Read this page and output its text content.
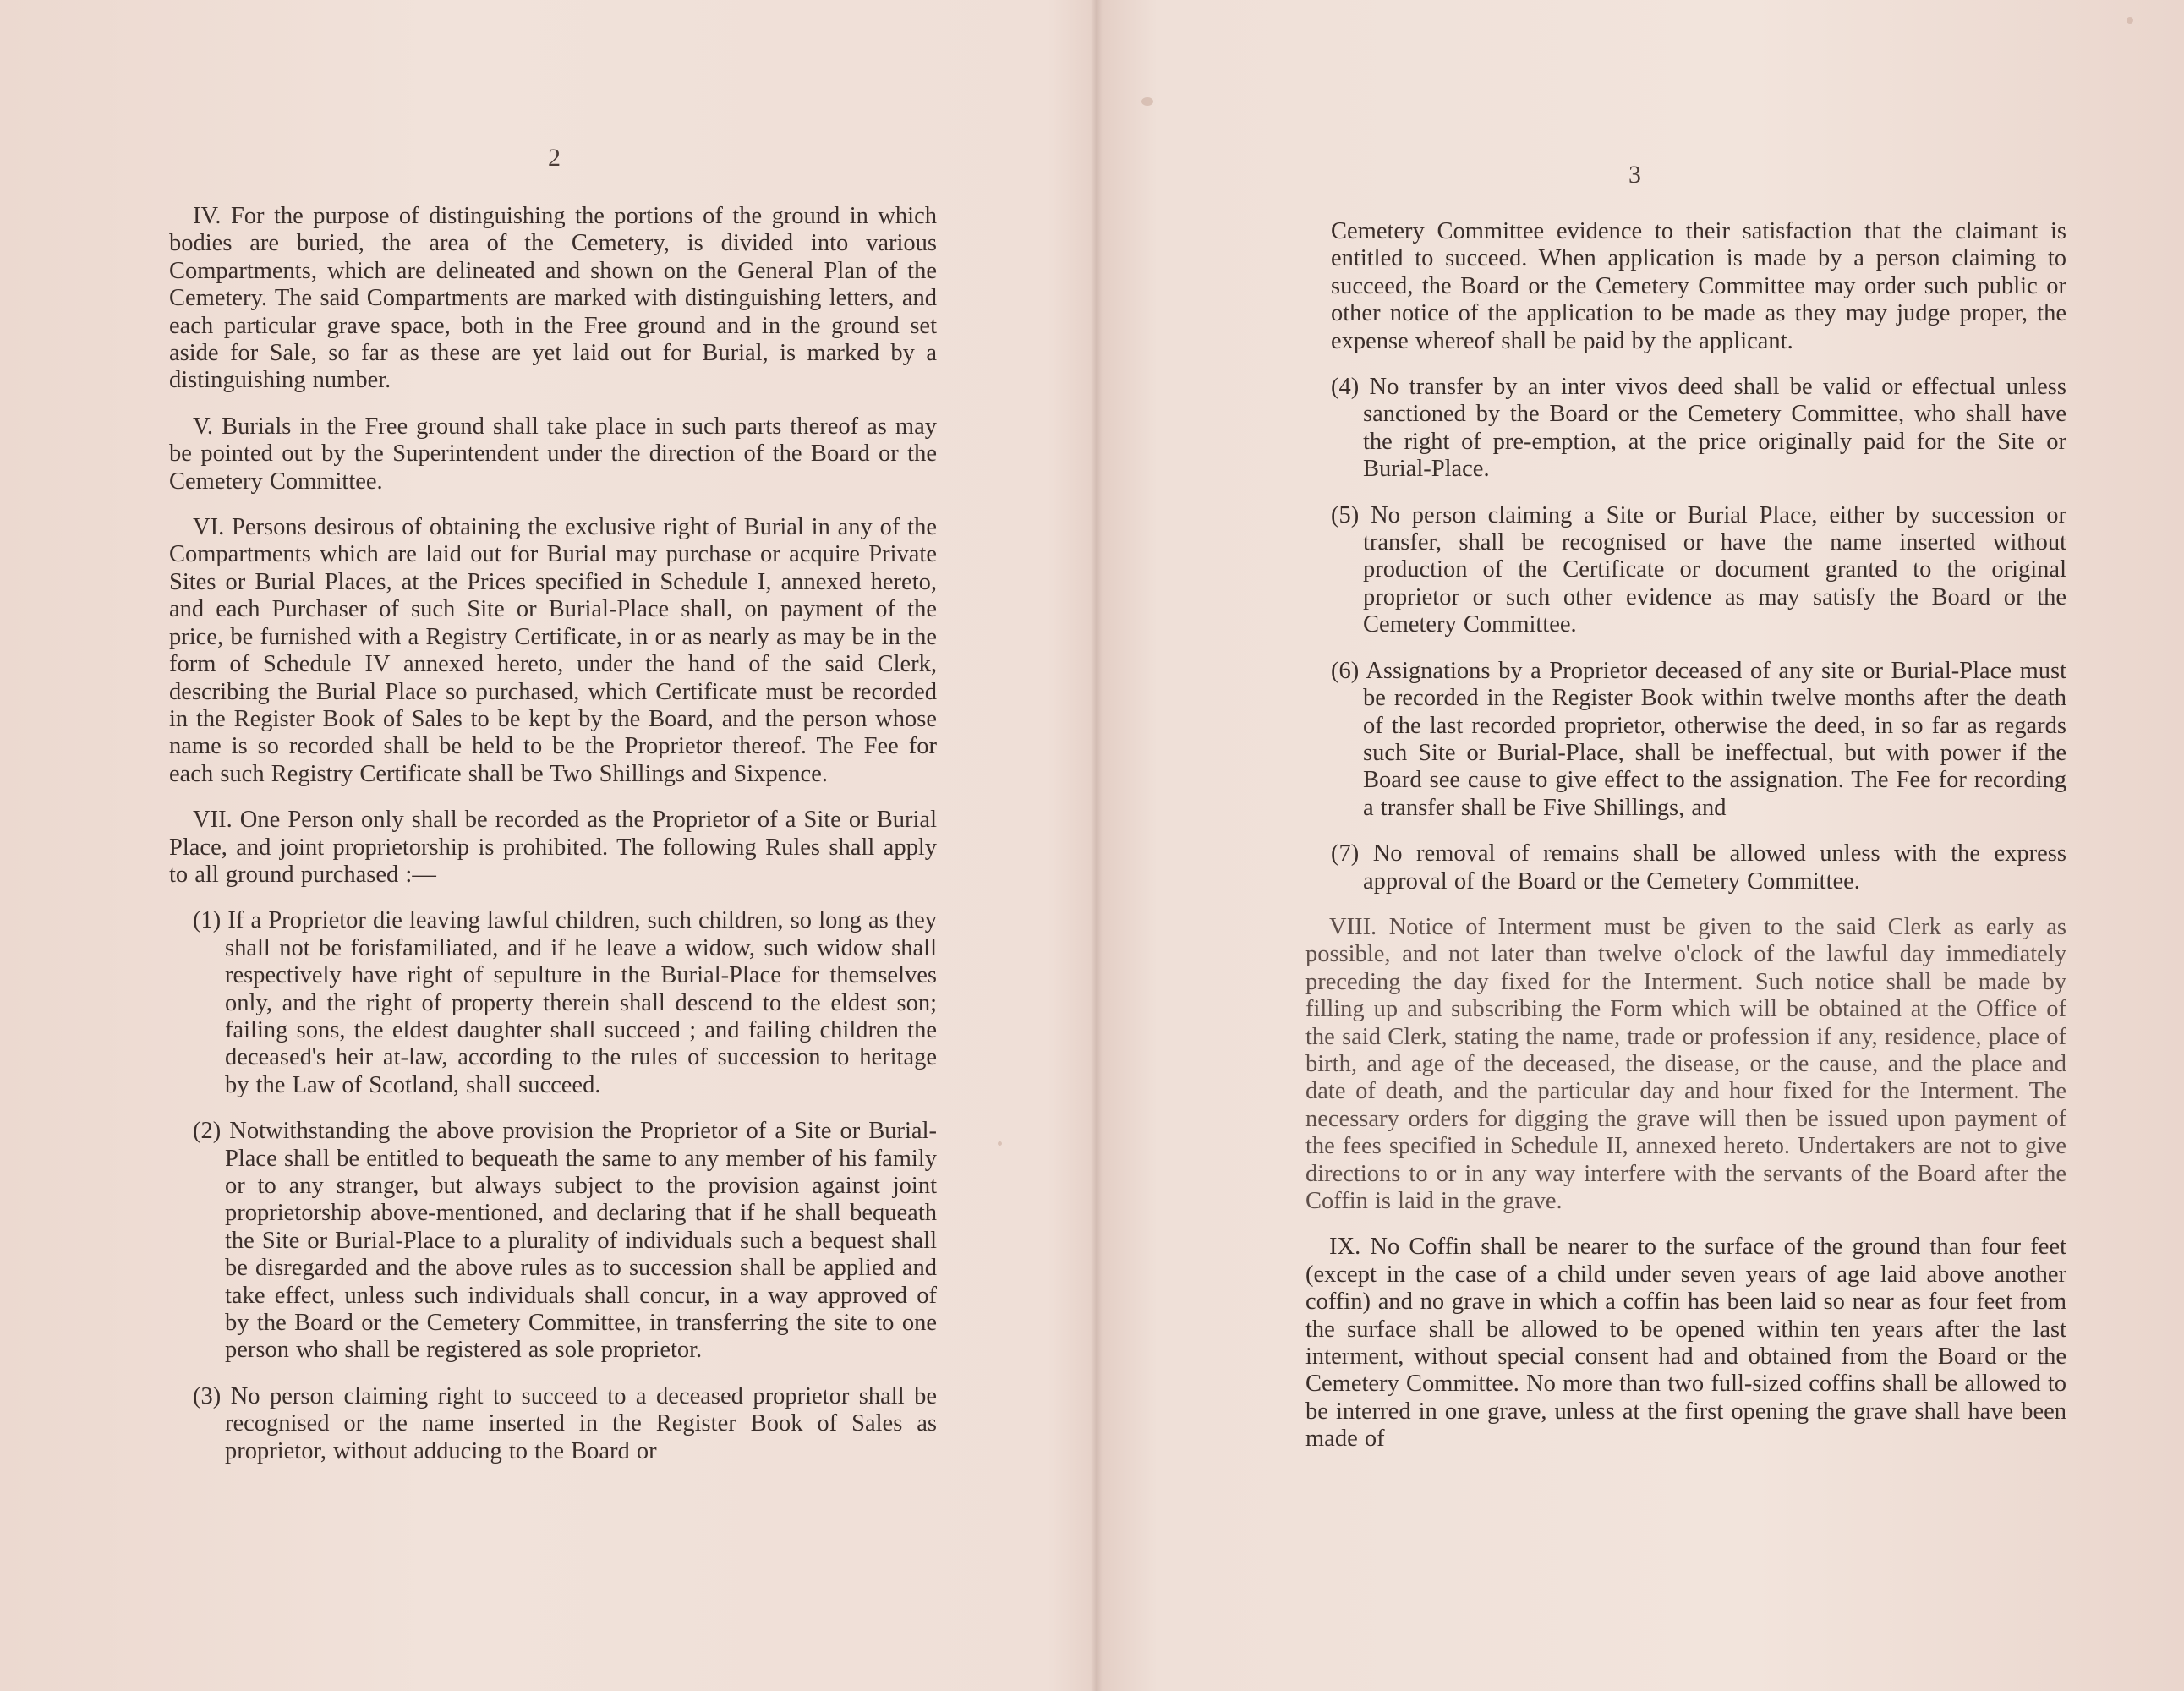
2

IV. For the purpose of distinguishing the portions of the ground in which bodies are buried, the area of the Cemetery, is divided into various Compartments, which are delineated and shown on the General Plan of the Cemetery. The said Compartments are marked with distinguishing letters, and each particular grave space, both in the Free ground and in the ground set aside for Sale, so far as these are yet laid out for Burial, is marked by a distinguishing number.

V. Burials in the Free ground shall take place in such parts thereof as may be pointed out by the Superintendent under the direction of the Board or the Cemetery Committee.

VI. Persons desirous of obtaining the exclusive right of Burial in any of the Compartments which are laid out for Burial may purchase or acquire Private Sites or Burial Places, at the Prices specified in Schedule I, annexed hereto, and each Purchaser of such Site or Burial-Place shall, on payment of the price, be furnished with a Registry Certificate, in or as nearly as may be in the form of Schedule IV annexed hereto, under the hand of the said Clerk, describing the Burial Place so purchased, which Certificate must be recorded in the Register Book of Sales to be kept by the Board, and the person whose name is so recorded shall be held to be the Proprietor thereof. The Fee for each such Registry Certificate shall be Two Shillings and Sixpence.

VII. One Person only shall be recorded as the Proprietor of a Site or Burial Place, and joint proprietorship is prohibited. The following Rules shall apply to all ground purchased :—

(1) If a Proprietor die leaving lawful children, such children, so long as they shall not be forisfamiliated, and if he leave a widow, such widow shall respectively have right of sepulture in the Burial-Place for themselves only, and the right of property therein shall descend to the eldest son; failing sons, the eldest daughter shall succeed ; and failing children the deceased's heir at-law, according to the rules of succession to heritage by the Law of Scotland, shall succeed.

(2) Notwithstanding the above provision the Proprietor of a Site or Burial-Place shall be entitled to bequeath the same to any member of his family or to any stranger, but always subject to the provision against joint proprietorship above-mentioned, and declaring that if he shall bequeath the Site or Burial-Place to a plurality of individuals such a bequest shall be disregarded and the above rules as to succession shall be applied and take effect, unless such individuals shall concur, in a way approved of by the Board or the Cemetery Committee, in transferring the site to one person who shall be registered as sole proprietor.

(3) No person claiming right to succeed to a deceased proprietor shall be recognised or the name inserted in the Register Book of Sales as proprietor, without adducing to the Board or

3

Cemetery Committee evidence to their satisfaction that the claimant is entitled to succeed. When application is made by a person claiming to succeed, the Board or the Cemetery Committee may order such public or other notice of the application to be made as they may judge proper, the expense whereof shall be paid by the applicant.

(4) No transfer by an inter vivos deed shall be valid or effectual unless sanctioned by the Board or the Cemetery Committee, who shall have the right of pre-emption, at the price originally paid for the Site or Burial-Place.

(5) No person claiming a Site or Burial Place, either by succession or transfer, shall be recognised or have the name inserted without production of the Certificate or document granted to the original proprietor or such other evidence as may satisfy the Board or the Cemetery Committee.

(6) Assignations by a Proprietor deceased of any site or Burial-Place must be recorded in the Register Book within twelve months after the death of the last recorded proprietor, otherwise the deed, in so far as regards such Site or Burial-Place, shall be ineffectual, but with power if the Board see cause to give effect to the assignation. The Fee for recording a transfer shall be Five Shillings, and

(7) No removal of remains shall be allowed unless with the express approval of the Board or the Cemetery Committee.

VIII. Notice of Interment must be given to the said Clerk as early as possible, and not later than twelve o'clock of the lawful day immediately preceding the day fixed for the Interment. Such notice shall be made by filling up and subscribing the Form which will be obtained at the Office of the said Clerk, stating the name, trade or profession if any, residence, place of birth, and age of the deceased, the disease, or the cause, and the place and date of death, and the particular day and hour fixed for the Interment. The necessary orders for digging the grave will then be issued upon payment of the fees specified in Schedule II, annexed hereto. Undertakers are not to give directions to or in any way interfere with the servants of the Board after the Coffin is laid in the grave.

IX. No Coffin shall be nearer to the surface of the ground than four feet (except in the case of a child under seven years of age laid above another coffin) and no grave in which a coffin has been laid so near as four feet from the surface shall be allowed to be opened within ten years after the last interment, without special consent had and obtained from the Board or the Cemetery Committee. No more than two full-sized coffins shall be allowed to be interred in one grave, unless at the first opening the grave shall have been made of
